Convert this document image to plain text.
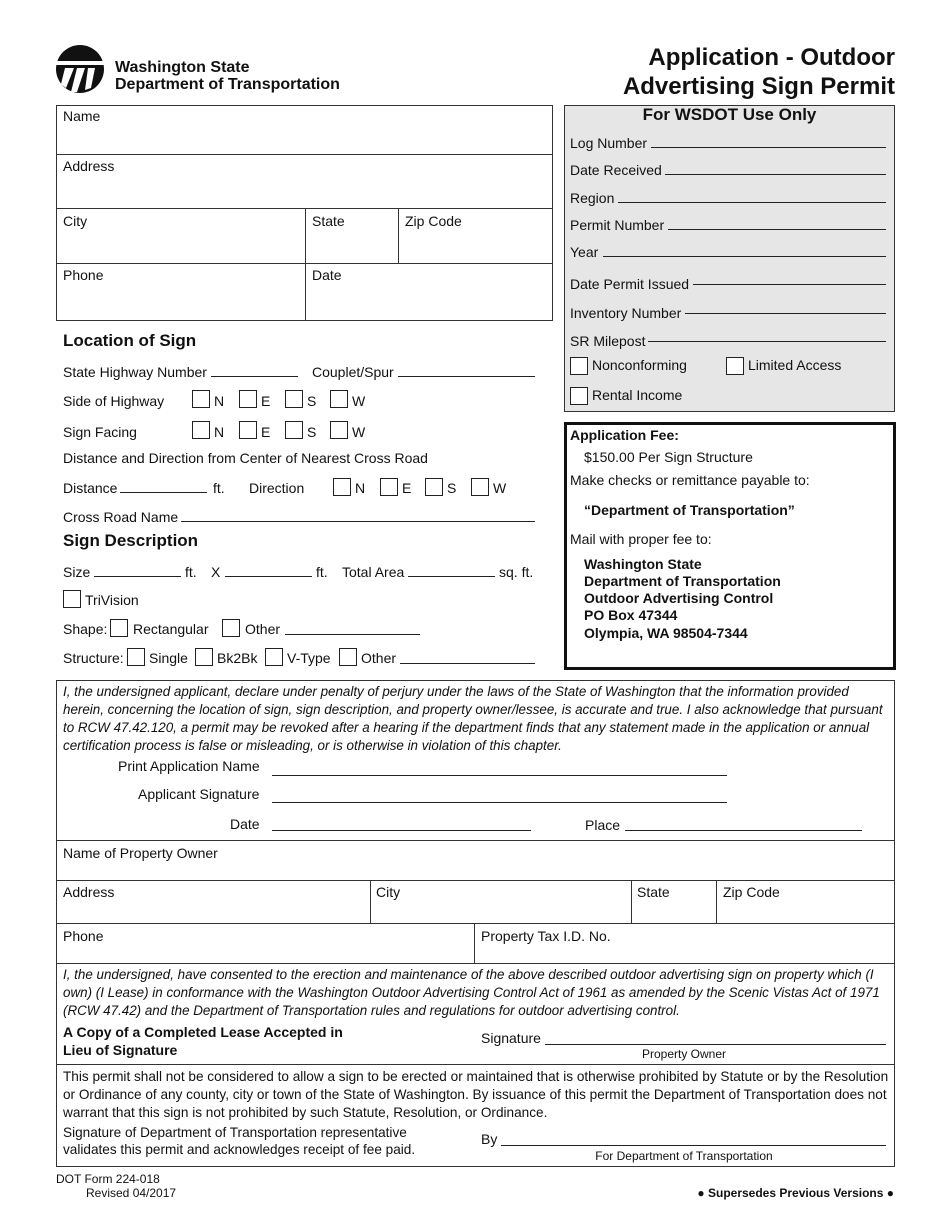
Washington State
Department of Transportation
Application - Outdoor
Advertising Sign Permit
Name
Address
City	State	Zip Code
Phone	Date
For WSDOT Use Only
Log Number
Date Received
Region
Permit Number
Year
Date Permit Issued
Inventory Number
SR Milepost
Nonconforming	Limited Access
Rental Income
Location of Sign
State Highway Number	Couplet/Spur
Side of Highway	N	E	S	W
Sign Facing	N	E	S	W
Distance and Direction from Center of Nearest Cross Road
Distance	ft. Direction	N	E	S	W
Cross Road Name
Sign Description
Size	ft. X	ft. Total Area	sq. ft.
TriVision
Shape: Rectangular	Other
Structure: Single Bk2Bk V-Type Other
Application Fee:
$150.00 Per Sign Structure
Make checks or remittance payable to:
“Department of Transportation”
Mail with proper fee to:
Washington State
Department of Transportation
Outdoor Advertising Control
PO Box 47344
Olympia, WA 98504-7344
I, the undersigned applicant, declare under penalty of perjury under the laws of the State of Washington that the information provided herein, concerning the location of sign, sign description, and property owner/lessee, is accurate and true. I also acknowledge that pursuant to RCW 47.42.120, a permit may be revoked after a hearing if the department finds that any statement made in the application or annual certification process is false or misleading, or is otherwise in violation of this chapter.
Print Application Name
Applicant Signature
Date	Place
Name of Property Owner
Address	City	State	Zip Code
Phone	Property Tax I.D. No.
I, the undersigned, have consented to the erection and maintenance of the above described outdoor advertising sign on property which (I own) (I Lease) in conformance with the Washington Outdoor Advertising Control Act of 1961 as amended by the Scenic Vistas Act of 1971 (RCW 47.42) and the Department of Transportation rules and regulations for outdoor advertising control.
A Copy of a Completed Lease Accepted in
Lieu of Signature
Signature
Property Owner
This permit shall not be considered to allow a sign to be erected or maintained that is otherwise prohibited by Statute or by the Resolution or Ordinance of any county, city or town of the State of Washington. By issuance of this permit the Department of Transportation does not warrant that this sign is not prohibited by such Statute, Resolution, or Ordinance.
Signature of Department of Transportation representative
validates this permit and acknowledges receipt of fee paid.
By
For Department of Transportation
DOT Form 224-018
Revised 04/2017	● Supersedes Previous Versions ●
